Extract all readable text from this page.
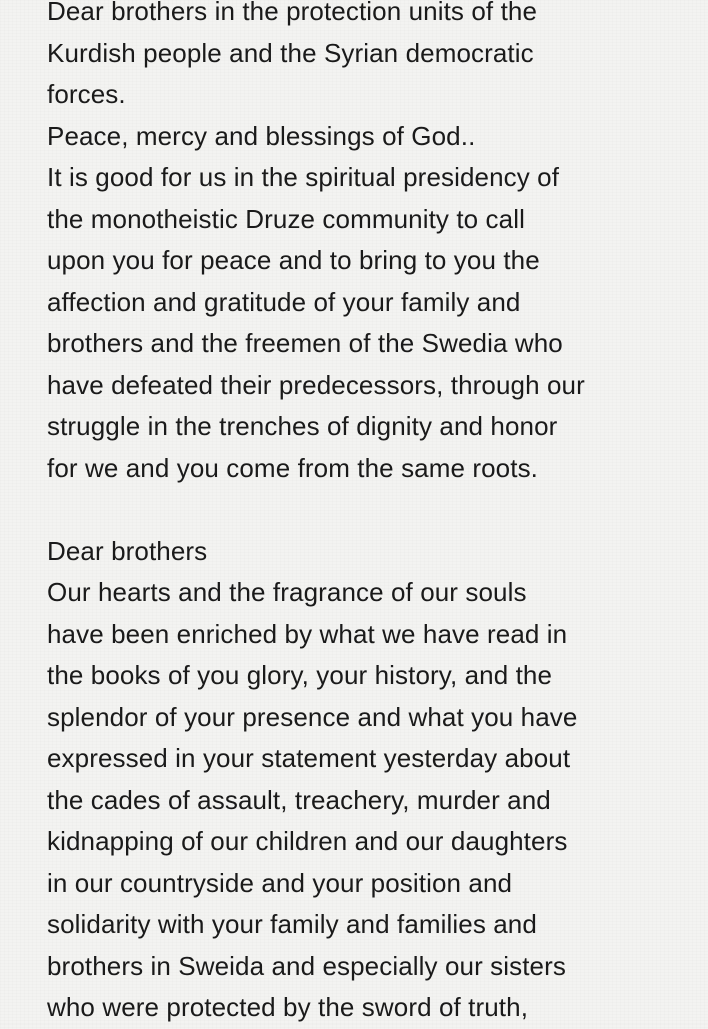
Dear brothers in the protection units of the
Kurdish people and the Syrian democratic
forces.
Peace, mercy and blessings of God..
It is good for us in the spiritual presidency of
the monotheistic Druze community to call
upon you for peace and to bring to you the
affection and gratitude of your family and
brothers and the freemen of the Swedia who
have defeated their predecessors, through our
struggle in the trenches of dignity and honor
for we and you come from the same roots.
Dear brothers
Our hearts and the fragrance of our souls
have been enriched by what we have read in
the books of you glory, your history, and the
splendor of your presence and what you have
expressed in your statement yesterday about
the cades of assault, treachery, murder and
kidnapping of our children and our daughters
in our countryside and your position and
solidarity with your family and families and
brothers in Sweida and especially our sisters
who were protected by the sword of truth,
